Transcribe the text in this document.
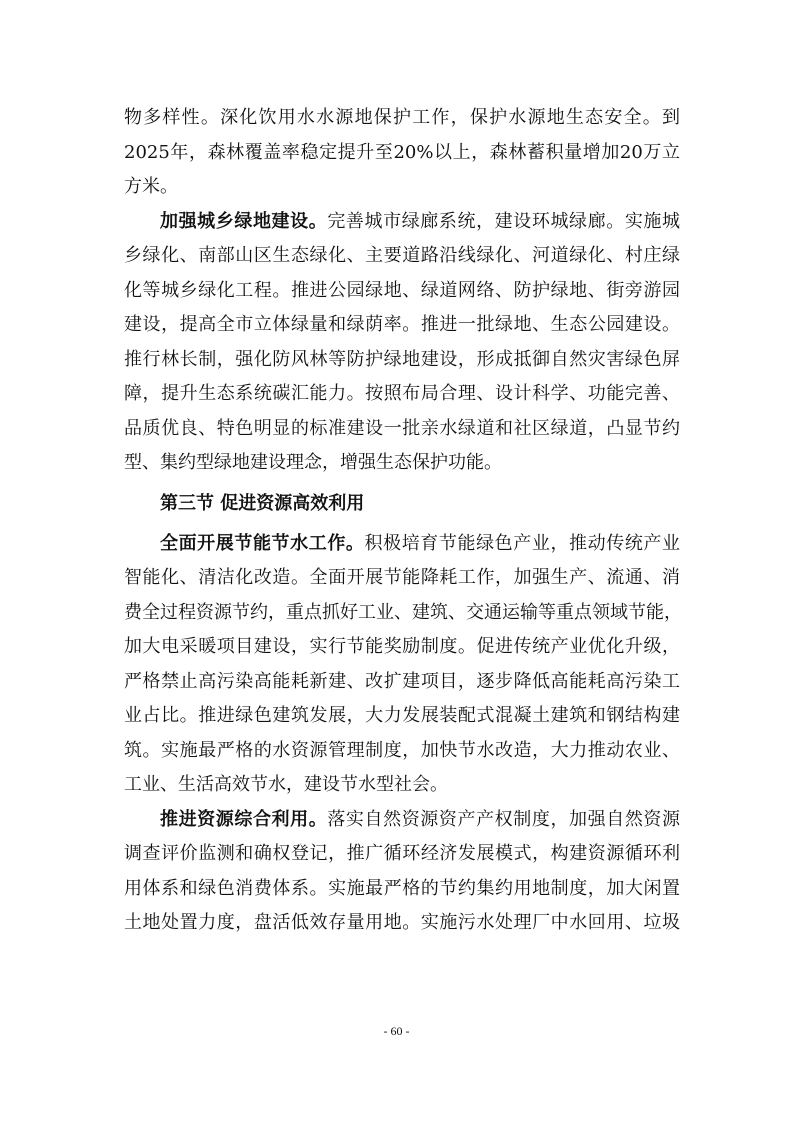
物多样性。深化饮用水水源地保护工作，保护水源地生态安全。到
2025年，森林覆盖率稳定提升至20%以上，森林蓄积量增加20万立
方米。
加强城乡绿地建设。完善城市绿廊系统，建设环城绿廊。实施城
乡绿化、南部山区生态绿化、主要道路沿线绿化、河道绿化、村庄绿
化等城乡绿化工程。推进公园绿地、绿道网络、防护绿地、街旁游园
建设，提高全市立体绿量和绿荫率。推进一批绿地、生态公园建设。
推行林长制，强化防风林等防护绿地建设，形成抵御自然灾害绿色屏
障，提升生态系统碳汇能力。按照布局合理、设计科学、功能完善、
品质优良、特色明显的标准建设一批亲水绿道和社区绿道，凸显节约
型、集约型绿地建设理念，增强生态保护功能。
第三节 促进资源高效利用
全面开展节能节水工作。积极培育节能绿色产业，推动传统产业
智能化、清洁化改造。全面开展节能降耗工作，加强生产、流通、消
费全过程资源节约，重点抓好工业、建筑、交通运输等重点领域节能，
加大电采暖项目建设，实行节能奖励制度。促进传统产业优化升级，
严格禁止高污染高能耗新建、改扩建项目，逐步降低高能耗高污染工
业占比。推进绿色建筑发展，大力发展装配式混凝土建筑和钢结构建
筑。实施最严格的水资源管理制度，加快节水改造，大力推动农业、
工业、生活高效节水，建设节水型社会。
推进资源综合利用。落实自然资源资产产权制度，加强自然资源
调查评价监测和确权登记，推广循环经济发展模式，构建资源循环利
用体系和绿色消费体系。实施最严格的节约集约用地制度，加大闲置
土地处置力度，盘活低效存量用地。实施污水处理厂中水回用、垃圾
- 60 -
